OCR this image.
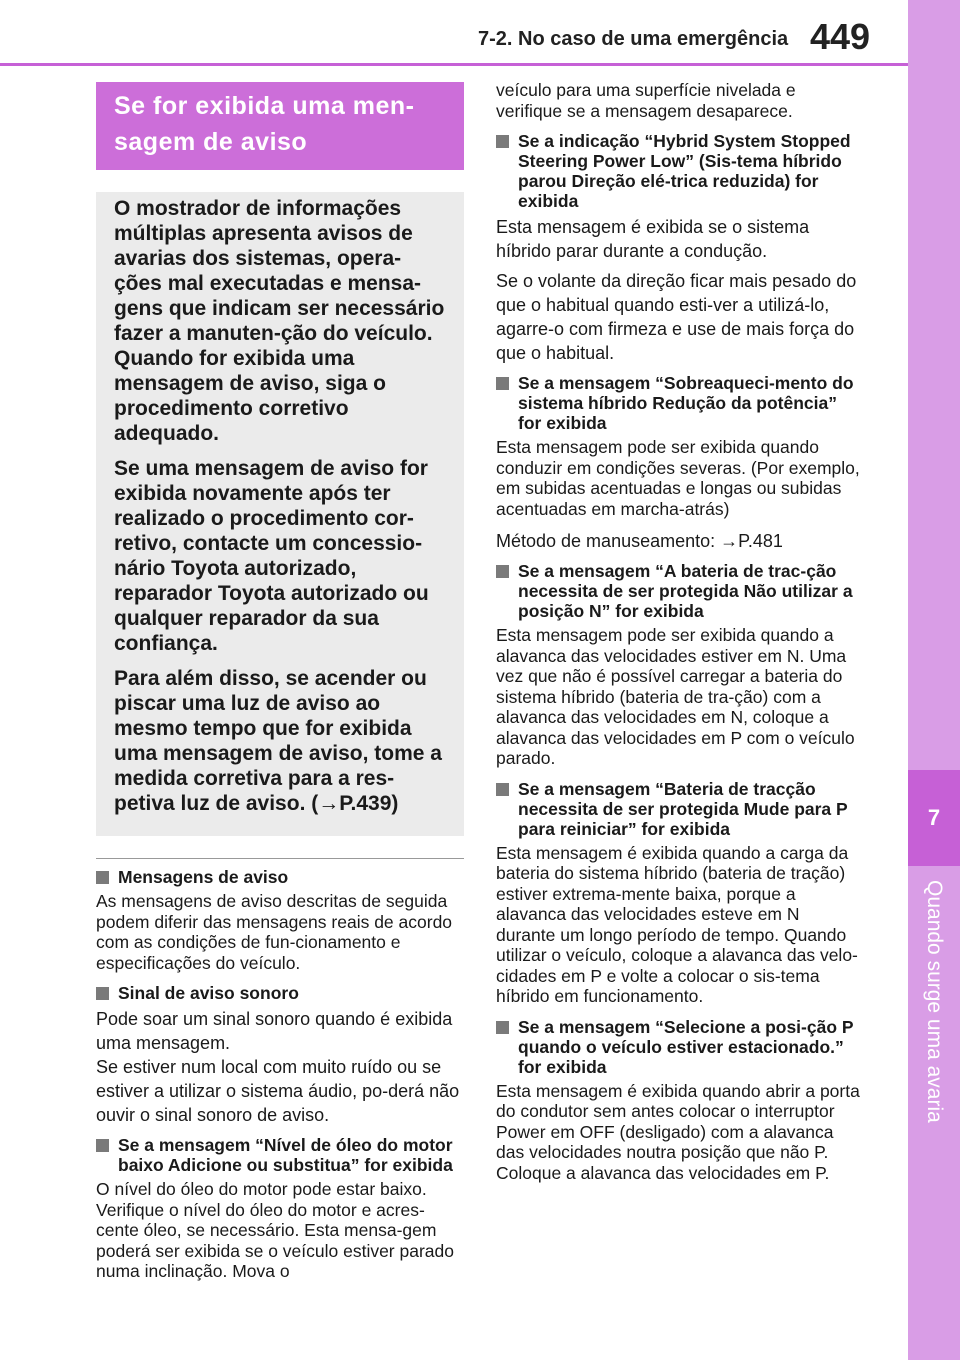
7-2. No caso de uma emergência 449
7
Quando surge uma avaria
Se for exibida uma men-sagem de aviso

O mostrador de informações múltiplas apresenta avisos de avarias dos sistemas, opera-ções mal executadas e mensa-gens que indicam ser necessário fazer a manuten-ção do veículo. Quando for exibida uma mensagem de aviso, siga o procedimento corretivo adequado.

Se uma mensagem de aviso for exibida novamente após ter realizado o procedimento cor-retivo, contacte um concessio-nário Toyota autorizado, reparador Toyota autorizado ou qualquer reparador da sua confiança.

Para além disso, se acender ou piscar uma luz de aviso ao mesmo tempo que for exibida uma mensagem de aviso, tome a medida corretiva para a res-petiva luz de aviso. (→P.439)

Mensagens de aviso

As mensagens de aviso descritas de seguida podem diferir das mensagens reais de acordo com as condições de fun-cionamento e especificações do veículo.

Sinal de aviso sonoro

Pode soar um sinal sonoro quando é exibida uma mensagem.

Se estiver num local com muito ruído ou se estiver a utilizar o sistema áudio, po-derá não ouvir o sinal sonoro de aviso.

Se a mensagem “Nível de óleo do motor baixo Adicione ou substitua” for exibida

O nível do óleo do motor pode estar baixo. Verifique o nível do óleo do motor e acres-cente óleo, se necessário. Esta mensa-gem poderá ser exibida se o veículo estiver parado numa inclinação. Mova o

veículo para uma superfície nivelada e verifique se a mensagem desaparece.

Se a indicação “Hybrid System Stopped Steering Power Low” (Sis-tema híbrido parou Direção elé-trica reduzida) for exibida

Esta mensagem é exibida se o sistema híbrido parar durante a condução.

Se o volante da direção ficar mais pesado do que o habitual quando esti-ver a utilizá-lo, agarre-o com firmeza e use de mais força do que o habitual.

Se a mensagem “Sobreaqueci-mento do sistema híbrido Redução da potência” for exibida

Esta mensagem pode ser exibida quando conduzir em condições severas. (Por exemplo, em subidas acentuadas e longas ou subidas acentuadas em marcha-atrás)

Método de manuseamento: →P.481

Se a mensagem “A bateria de trac-ção necessita de ser protegida Não utilizar a posição N” for exibida

Esta mensagem pode ser exibida quando a alavanca das velocidades estiver em N. Uma vez que não é possível carregar a bateria do sistema híbrido (bateria de tra-ção) com a alavanca das velocidades em N, coloque a alavanca das velocidades em P com o veículo parado.

Se a mensagem “Bateria de tracção necessita de ser protegida Mude para P para reiniciar” for exibida

Esta mensagem é exibida quando a carga da bateria do sistema híbrido (bateria de tração) estiver extrema-mente baixa, porque a alavanca das velocidades esteve em N durante um longo período de tempo. Quando utilizar o veículo, coloque a alavanca das velo-cidades em P e volte a colocar o sis-tema híbrido em funcionamento.

Se a mensagem “Selecione a posi-ção P quando o veículo estiver estacionado.” for exibida

Esta mensagem é exibida quando abrir a porta do condutor sem antes colocar o interruptor Power em OFF (desligado) com a alavanca das velocidades noutra posição que não P. Coloque a alavanca das velocidades em P.
